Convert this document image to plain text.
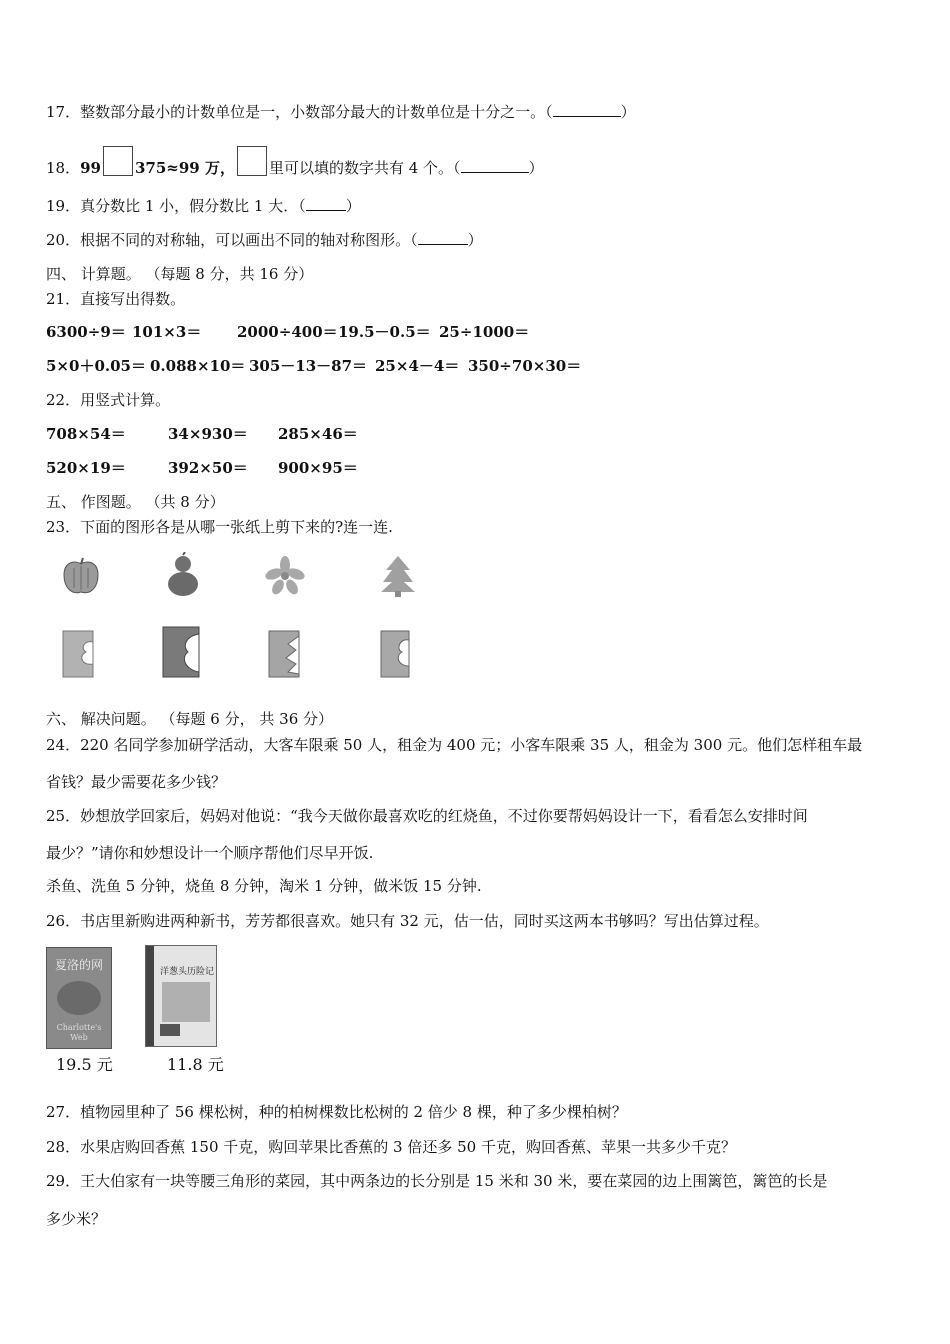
17．整数部分最小的计数单位是一，小数部分最大的计数单位是十分之一。（	）
18．99 375≈99 万， 里可以填的数字共有 4 个。（	）
19．真分数比 1 小，假分数比 1 大．（	）
20．根据不同的对称轴，可以画出不同的轴对称图形。（	）
四、 计算题。 （每题 8 分，共 16 分）
21．直接写出得数。
6300÷9＝ 101×3＝ 2000÷400＝19.5－0.5＝ 25÷1000＝
5×0＋0.05＝ 0.088×10＝ 305－13－87＝ 25×4－4＝ 350÷70×30＝
22．用竖式计算。
708×54＝	34×930＝ 285×46＝
520×19＝	392×50＝ 900×95＝
五、 作图题。 （共 8 分）
23．下面的图形各是从哪一张纸上剪下来的?连一连.
六、 解决问题。 （每题 6 分， 共 36 分）
24．220 名同学参加研学活动，大客车限乘 50 人，租金为 400 元；小客车限乘 35 人，租金为 300 元。他们怎样租车最
省钱？最少需要花多少钱？
25．妙想放学回家后，妈妈对他说：“我今天做你最喜欢吃的红烧鱼，不过你要帮妈妈设计一下，看看怎么安排时间
最少？”请你和妙想设计一个顺序帮他们尽早开饭.
杀鱼、洗鱼 5 分钟，烧鱼 8 分钟，淘米 1 分钟，做米饭 15 分钟.
26．书店里新购进两种新书，芳芳都很喜欢。她只有 32 元，估一估，同时买这两本书够吗？写出估算过程。
夏洛的网
Charlotte's Web
19.5 元
洋葱头历险记
11.8 元
27．植物园里种了 56 棵松树，种的柏树棵数比松树的 2 倍少 8 棵，种了多少棵柏树？
28．水果店购回香蕉 150 千克，购回苹果比香蕉的 3 倍还多 50 千克，购回香蕉、苹果一共多少千克？
29．王大伯家有一块等腰三角形的菜园，其中两条边的长分别是 15 米和 30 米，要在菜园的边上围篱笆，篱笆的长是
多少米？
